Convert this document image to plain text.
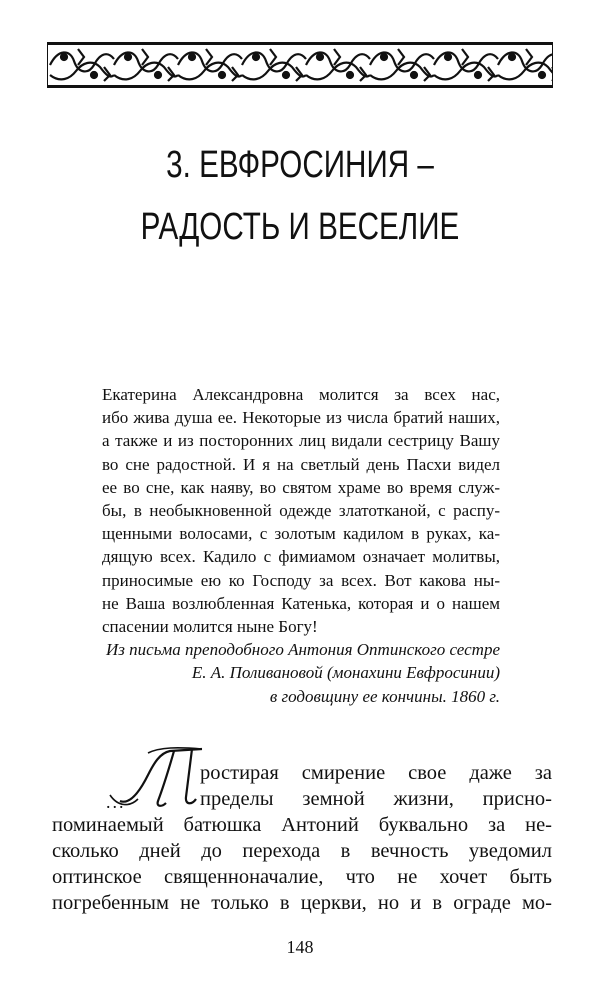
3. ЕВФРОСИНИЯ –
РАДОСТЬ И ВЕСЕЛИЕ
Екатерина Александровна молится за всех нас,
ибо жива душа ее. Некоторые из числа братий наших,
а также и из посторонних лиц видали сестрицу Вашу
во сне радостной. И я на светлый день Пасхи видел
ее во сне, как наяву, во святом храме во время служ-
бы, в необыкновенной одежде златотканой, с распу-
щенными волосами, с золотым кадилом в руках, ка-
дящую всех. Кадило с фимиамом означает молитвы,
приносимые ею ко Господу за всех. Вот какова ны-
не Ваша возлюбленная Катенька, которая и о нашем
спасении молится ныне Богу!
Из письма преподобного Антония Оптинского сестре
Е. А. Поливановой (монахини Евфросинии)
в годовщину ее кончины. 1860 г.
П
...
ростирая смирение свое даже за
пределы земной жизни, присно-
поминаемый батюшка Антоний буквально за не-
сколько дней до перехода в вечность уведомил
оптинское священноначалие, что не хочет быть
погребенным не только в церкви, но и в ограде мо-
148
